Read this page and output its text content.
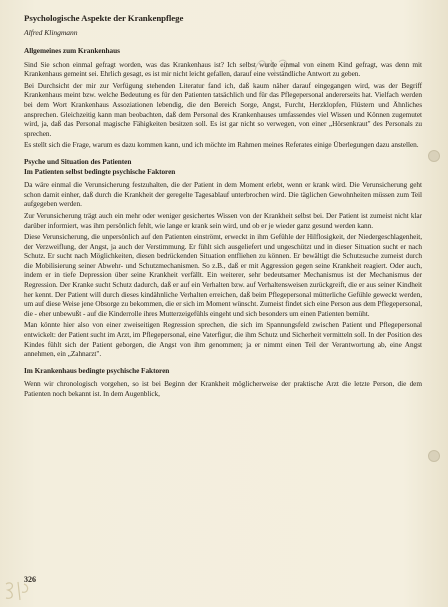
Psychologische Aspekte der Krankenpflege
Alfred Klingmann
Allgemeines zum Krankenhaus

Sind Sie schon einmal gefragt worden, was das Krankenhaus ist? Ich selbst wurde einmal von einem Kind gefragt, was denn mit Krankenhaus gemeint sei. Ehrlich gesagt, es ist mir nicht leicht gefallen, darauf eine verständliche Antwort zu geben.

Bei Durchsicht der mir zur Verfügung stehenden Literatur fand ich, daß kaum näher darauf eingegangen wird, was der Begriff Krankenhaus meint bzw. welche Bedeutung es für den Patienten tatsächlich und für das Pflegepersonal andererseits hat. Vielfach werden bei dem Wort Krankenhaus Assoziationen lebendig, die den Bereich Sorge, Angst, Furcht, Herzklopfen, Flüstern und Ähnliches ansprechen. Gleichzeitig kann man beobachten, daß dem Personal des Krankenhauses umfassendes viel Wissen und Können zugemutet wird, ja, daß das Personal magische Fähigkeiten besitzen soll. Es ist gar nicht so verwegen, von einer „Hörsenkraut" des Personals zu sprechen.

Es stellt sich die Frage, warum es dazu kommen kann, und ich möchte im Rahmen meines Referates einige Überlegungen dazu anstellen.

Psyche und Situation des Patienten
Im Patienten selbst bedingte psychische Faktoren

Da wäre einmal die Verunsicherung festzuhalten, die der Patient in dem Moment erlebt, wenn er krank wird. Die Verunsicherung geht schon damit einher, daß durch die Krankheit der geregelte Tagesablauf unterbrochen wird. Die täglichen Gewohnheiten müssen zum Teil aufgegeben werden.

Zur Verunsicherung trägt auch ein mehr oder weniger gesichertes Wissen von der Krankheit selbst bei. Der Patient ist zumeist nicht klar darüber informiert, was ihm persönlich fehlt, wie lange er krank sein wird, und ob er je wieder ganz gesund werden kann.

Diese Verunsicherung, die unpersönlich auf den Patienten einströmt, erweckt in ihm Gefühle der Hilflosigkeit, der Niedergeschlagenheit, der Verzweiflung, der Angst, ja auch der Verstimmung. Er fühlt sich ausgeliefert und ungeschützt und in dieser Situation sucht er nach Schutz. Er sucht nach Möglichkeiten, diesen bedrückenden Situation entfliehen zu können. Er bewältigt die Schutzsuche zumeist durch die Mobilisierung seiner Abwehr- und Schutzmechanismen. So z.B., daß er mit Aggression gegen seine Krankheit reagiert. Oder auch, indem er in tiefe Depression über seine Krankheit verfällt. Ein weiterer, sehr bedeutsamer Mechanismus ist der Mechanismus der Regression. Der Kranke sucht Schutz dadurch, daß er auf ein Verhalten bzw. auf Verhaltensweisen zurückgreift, die er aus seiner Kindheit her kennt. Der Patient will durch dieses kindähnliche Verhalten erreichen, daß beim Pflegepersonal mütterliche Gefühle geweckt werden, um auf diese Weise jene Obsorge zu bekommen, die er sich im Moment wünscht. Zumeist findet sich eine Person aus dem Pflegepersonal, die - eher unbewußt - auf die Kinderrolle ihres Mutterzeigefühls eingeht und sich besonders um einen Patienten bemüht.

Man könnte hier also von einer zweiseitigen Regression sprechen, die sich im Spannungsfeld zwischen Patient und Pflegepersonal entwickelt: der Patient sucht im Arzt, im Pflegepersonal, eine Vaterfigur, die ihm Schutz und Sicherheit vermitteln soll. In der Position des Kindes fühlt sich der Patient geborgen, die Angst von ihm genommen; ja er nimmt einen Teil der Verantwortung ab, eine Angst annehmen, ein „Zahnarzt".

Im Krankenhaus bedingte psychische Faktoren

Wenn wir chronologisch vorgehen, so ist bei Beginn der Krankheit möglicherweise der praktische Arzt die letzte Person, die dem Patienten noch bekannt ist. In dem Augenblick,

326
